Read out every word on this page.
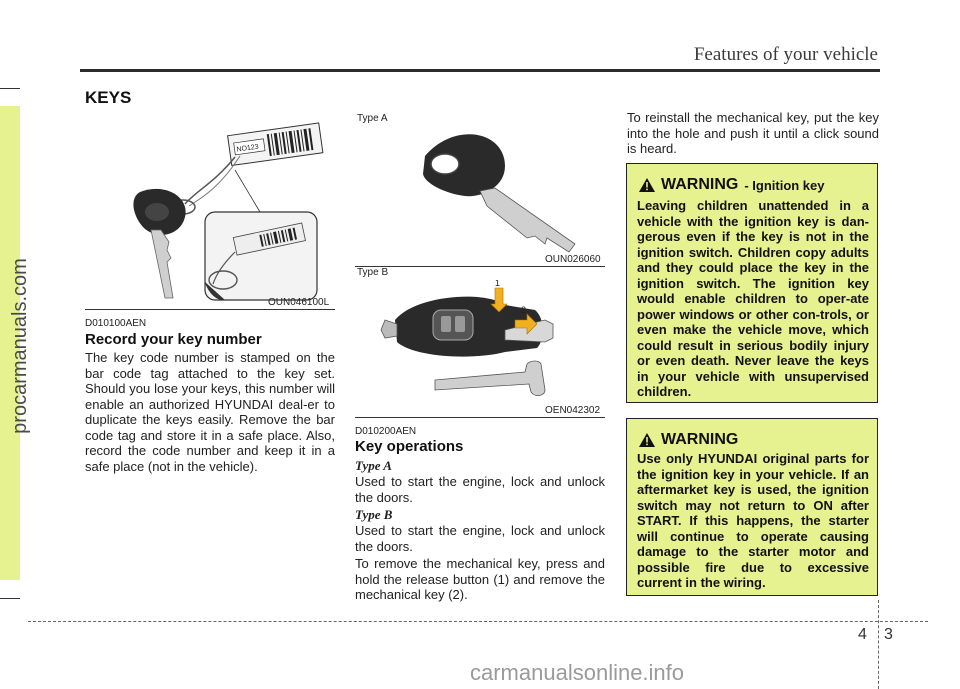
Features of your vehicle
procarmanuals.com
KEYS
NO123
OUN046100L
D010100AEN
Record your key number
The key code number is stamped on the bar code tag attached to the key set. Should you lose your keys, this number will enable an authorized HYUNDAI deal-er to duplicate the keys easily. Remove the bar code tag and store it in a safe place. Also, record the code number and keep it in a safe place (not in the vehicle).
Type A
OUN026060
Type B
1
2
OEN042302
D010200AEN
Key operations
Type A
Used to start the engine, lock and unlock the doors.
Type B
Used to start the engine, lock and unlock the doors.
To remove the mechanical key, press and hold the release button (1) and remove the mechanical key (2).
To reinstall the mechanical key, put the key into the hole and push it until a click sound is heard.
WARNING - Ignition key
Leaving children unattended in a vehicle with the ignition key is dan-gerous even if the key is not in the ignition switch. Children copy adults and they could place the key in the ignition switch. The ignition key would enable children to oper-ate power windows or other con-trols, or even make the vehicle move, which could result in serious bodily injury or even death. Never leave the keys in your vehicle with unsupervised children.
WARNING
Use only HYUNDAI original parts for the ignition key in your vehicle. If an aftermarket key is used, the ignition switch may not return to ON after START. If this happens, the starter will continue to operate causing damage to the starter motor and possible fire due to excessive current in the wiring.
4 3
carmanualsonline.info
